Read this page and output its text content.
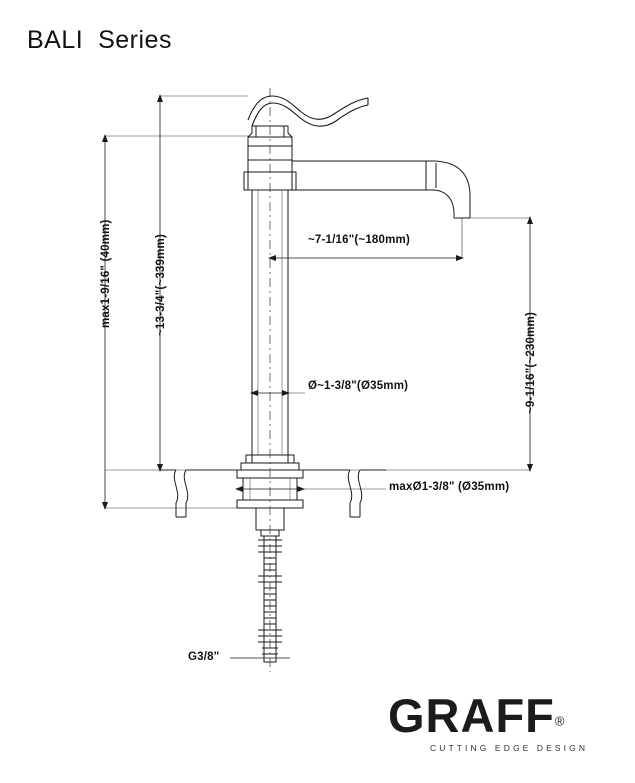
BALI  Series
max1-9/16" (40mm)	~13-3/4"(~339mm)	~7-1/16"(~180mm)
~9-1/16"(~230mm)
Ø~1-3/8"(Ø35mm)
maxØ1-3/8" (Ø35mm)
G3/8"
GRAFF®
CUTTING EDGE DESIGN
